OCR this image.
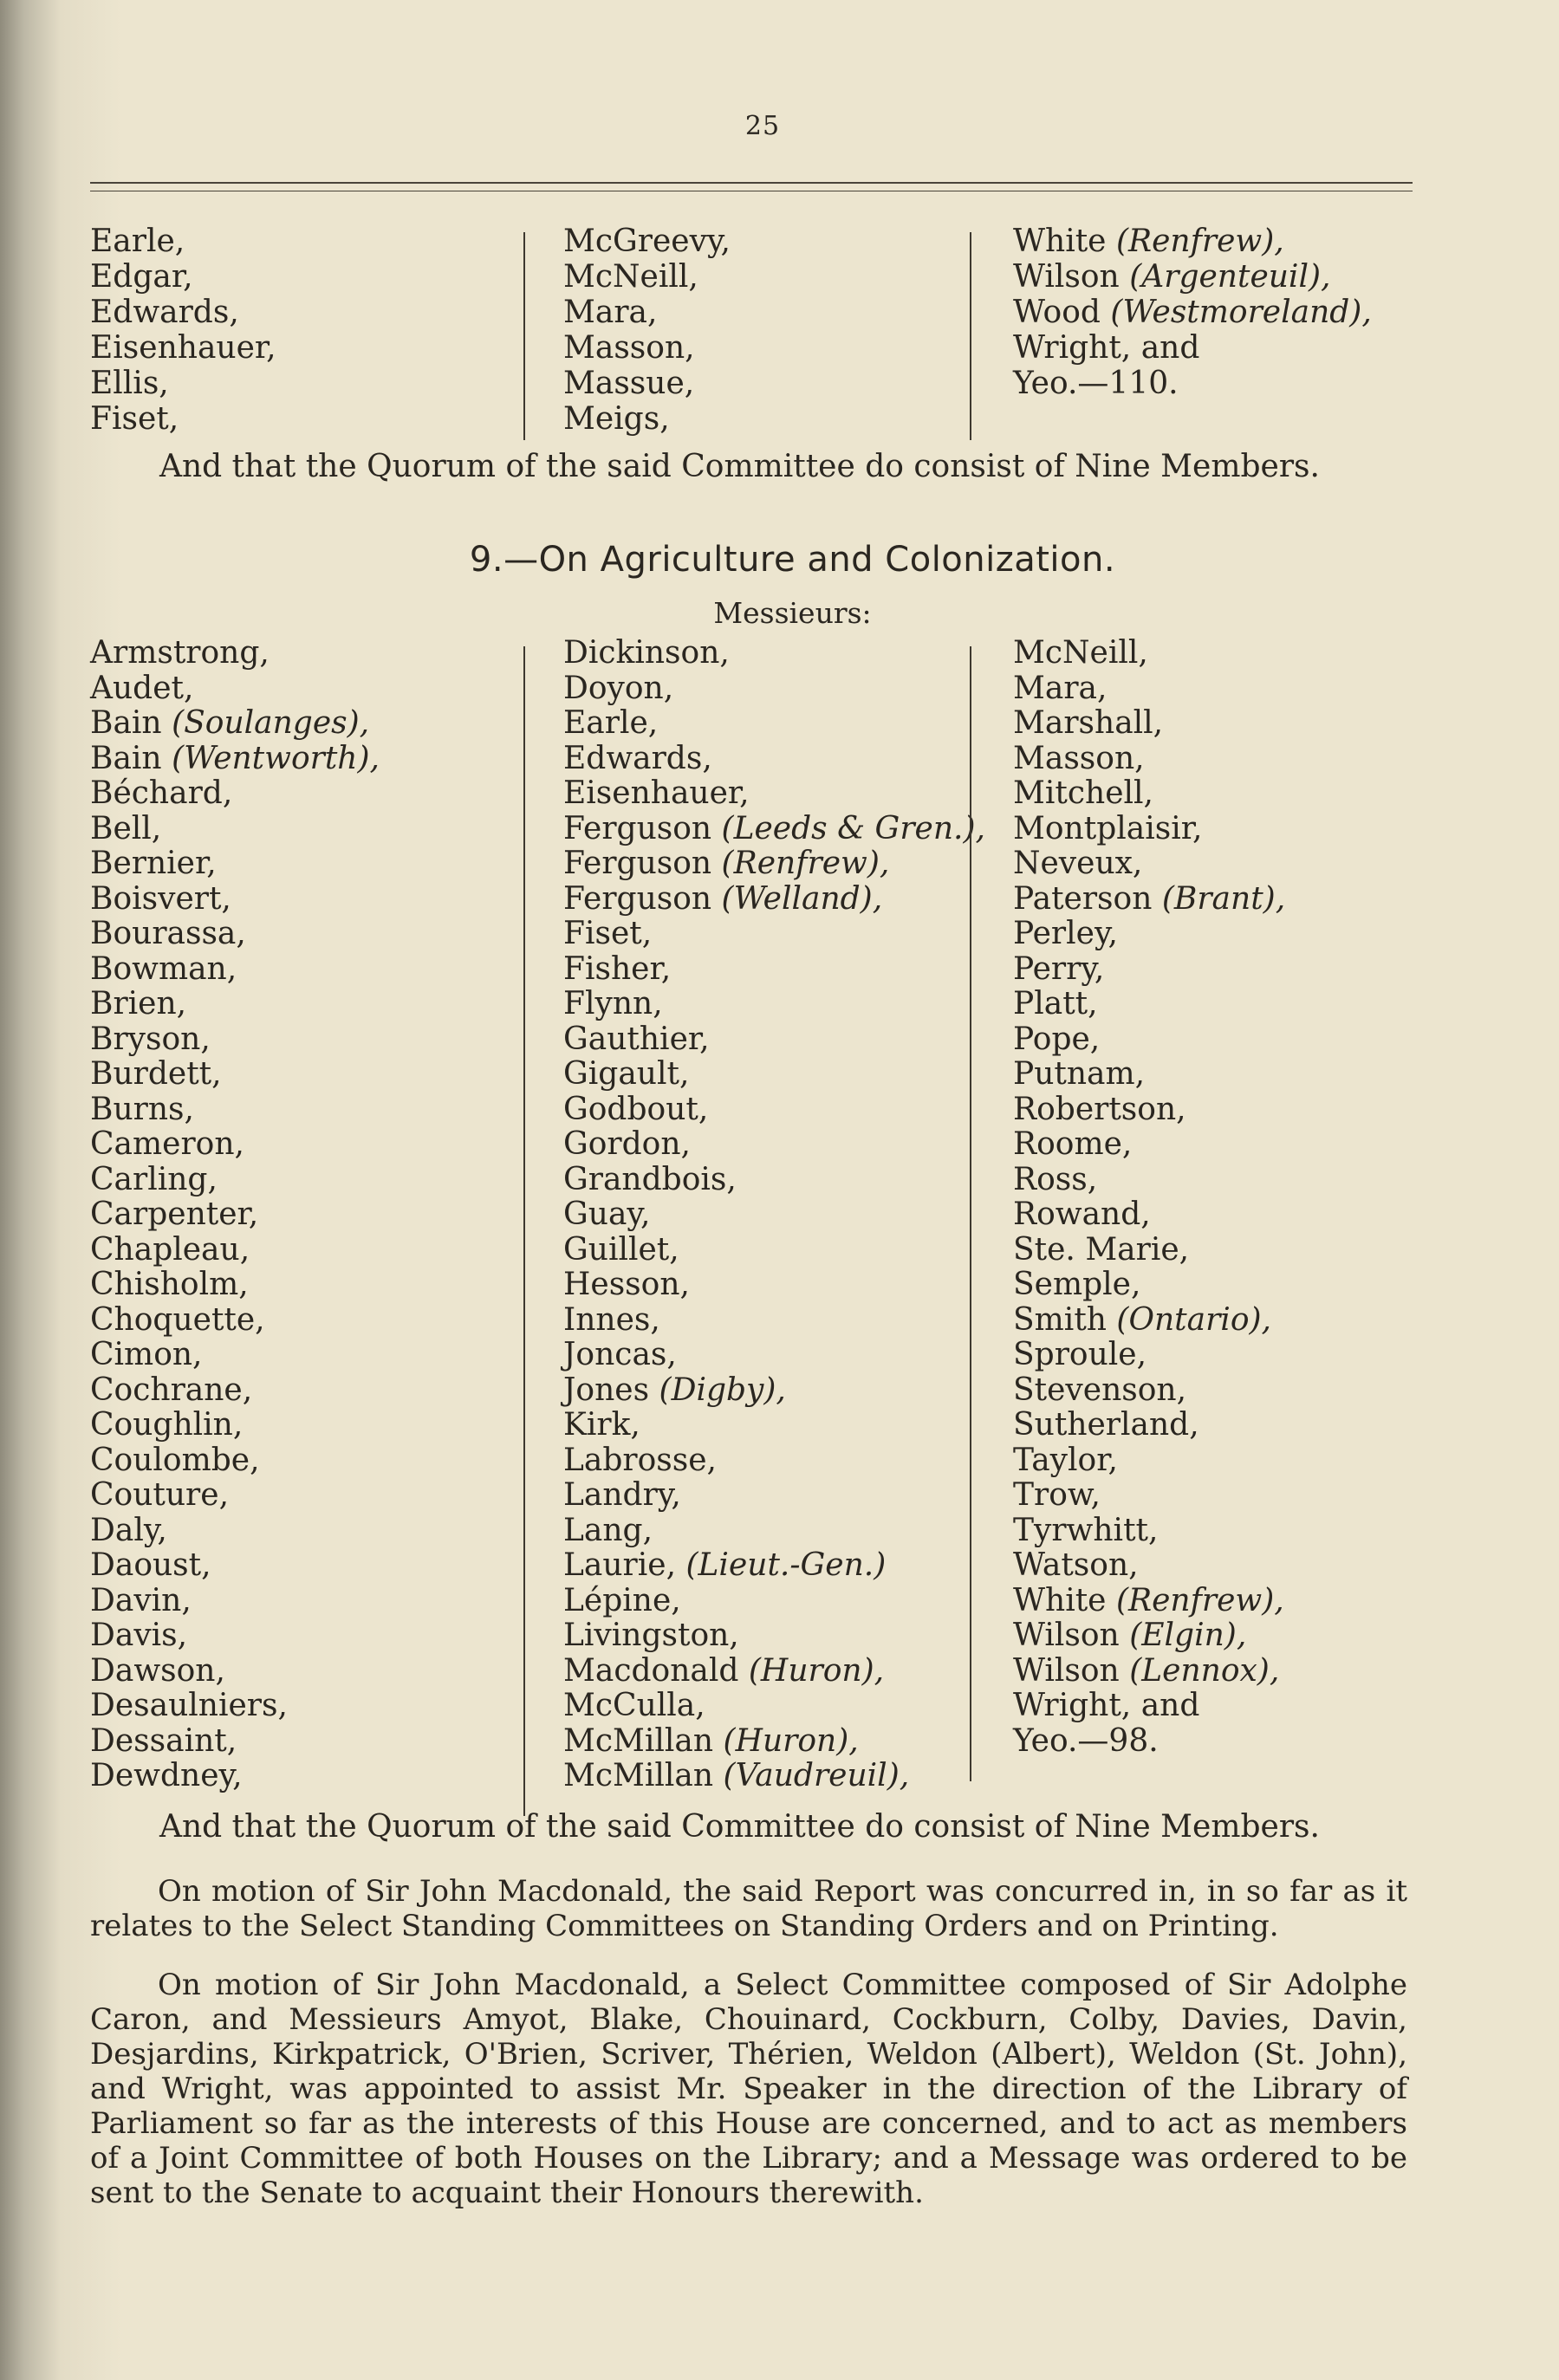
25
Earle,
Edgar,
Edwards,
Eisenhauer,
Ellis,
Fiset,
McGreevy,
McNeill,
Mara,
Masson,
Massue,
Meigs,
White (Renfrew),
Wilson (Argenteuil),
Wood (Westmoreland),
Wright, and
Yeo.—110.
And that the Quorum of the said Committee do consist of Nine Members.
9.—On Agriculture and Colonization.
Messieurs:
Armstrong,
Audet,
Bain (Soulanges),
Bain (Wentworth),
Béchard,
Bell,
Bernier,
Boisvert,
Bourassa,
Bowman,
Brien,
Bryson,
Burdett,
Burns,
Cameron,
Carling,
Carpenter,
Chapleau,
Chisholm,
Choquette,
Cimon,
Cochrane,
Coughlin,
Coulombe,
Couture,
Daly,
Daoust,
Davin,
Davis,
Dawson,
Desaulniers,
Dessaint,
Dewdney,
Dickinson,
Doyon,
Earle,
Edwards,
Eisenhauer,
Ferguson (Leeds & Gren.),
Ferguson (Renfrew),
Ferguson (Welland),
Fiset,
Fisher,
Flynn,
Gauthier,
Gigault,
Godbout,
Gordon,
Grandbois,
Guay,
Guillet,
Hesson,
Innes,
Joncas,
Jones (Digby),
Kirk,
Labrosse,
Landry,
Lang,
Laurie, (Lieut.-Gen.)
Lépine,
Livingston,
Macdonald (Huron),
McCulla,
McMillan (Huron),
McMillan (Vaudreuil),
McNeill,
Mara,
Marshall,
Masson,
Mitchell,
Montplaisir,
Neveux,
Paterson (Brant),
Perley,
Perry,
Platt,
Pope,
Putnam,
Robertson,
Roome,
Ross,
Rowand,
Ste. Marie,
Semple,
Smith (Ontario),
Sproule,
Stevenson,
Sutherland,
Taylor,
Trow,
Tyrwhitt,
Watson,
White (Renfrew),
Wilson (Elgin),
Wilson (Lennox),
Wright, and
Yeo.—98.
And that the Quorum of the said Committee do consist of Nine Members.
On motion of Sir John Macdonald, the said Report was concurred in, in so far as it relates to the Select Standing Committees on Standing Orders and on Printing.
On motion of Sir John Macdonald, a Select Committee composed of Sir Adolphe Caron, and Messieurs Amyot, Blake, Chouinard, Cockburn, Colby, Davies, Davin, Desjardins, Kirkpatrick, O'Brien, Scriver, Thérien, Weldon (Albert), Weldon (St. John), and Wright, was appointed to assist Mr. Speaker in the direction of the Library of Parliament so far as the interests of this House are concerned, and to act as members of a Joint Committee of both Houses on the Library; and a Message was ordered to be sent to the Senate to acquaint their Honours therewith.
